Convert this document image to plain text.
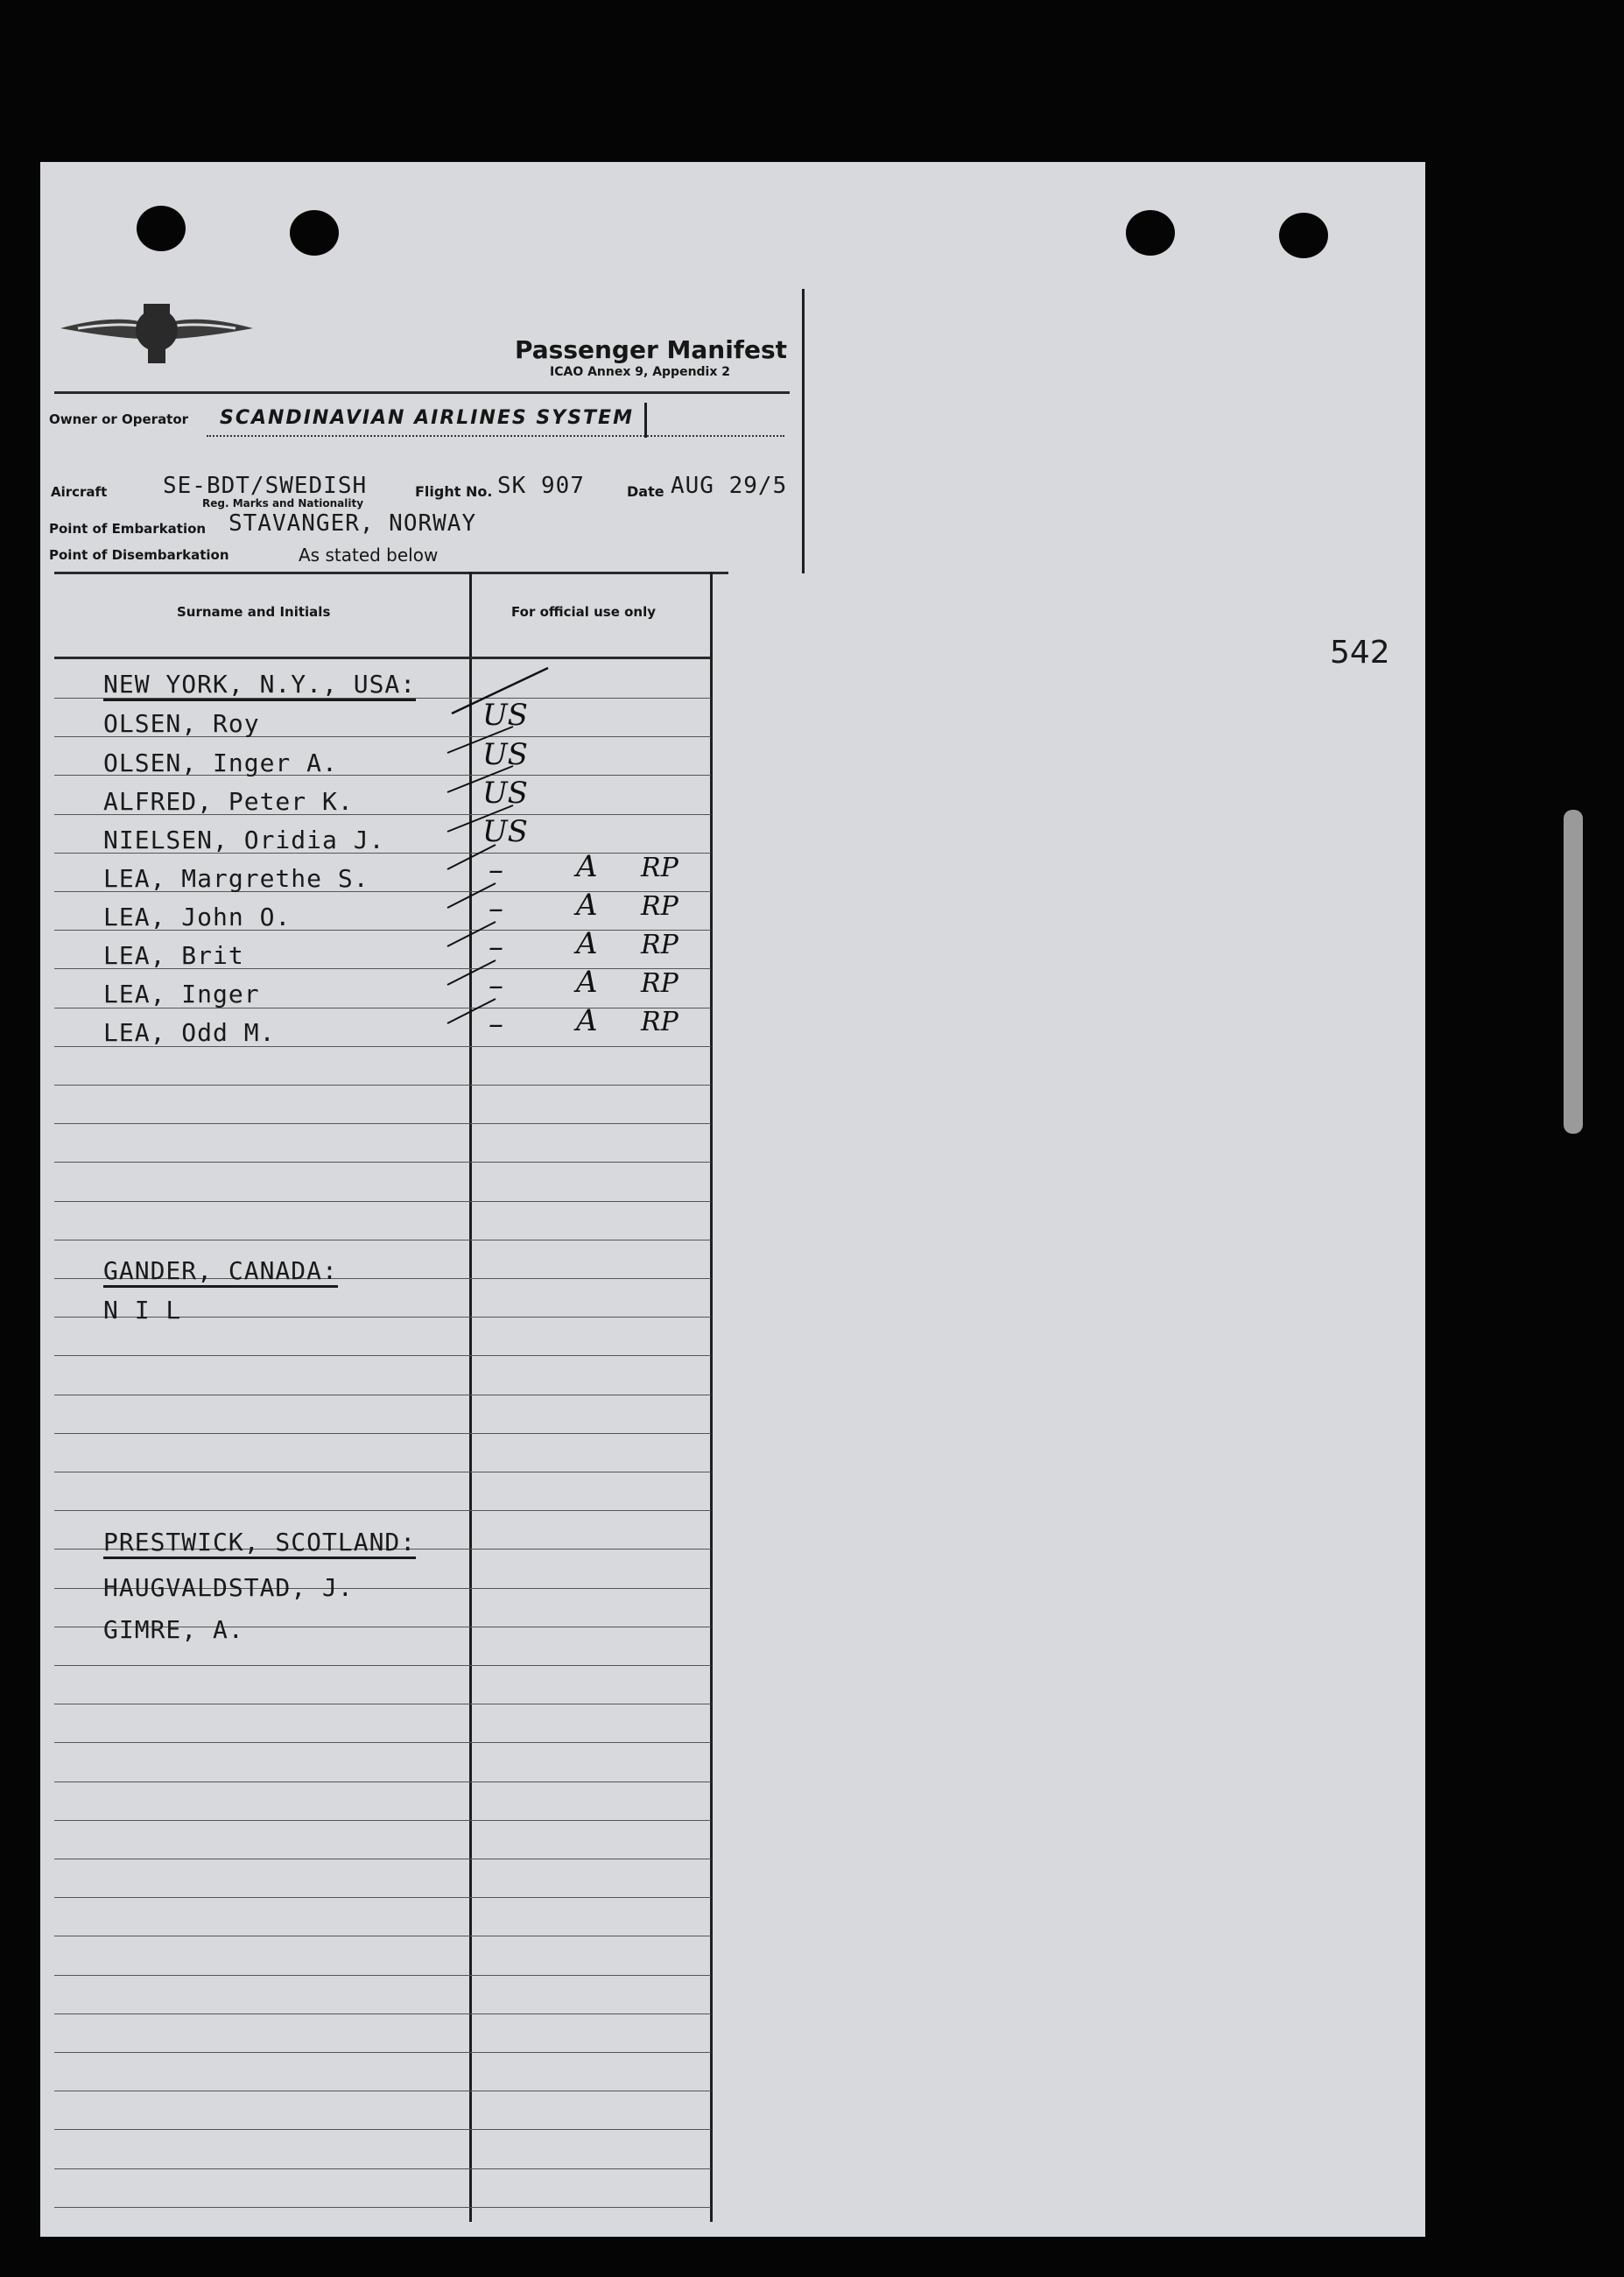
Passenger Manifest
ICAO Annex 9, Appendix 2
Owner or Operator SCANDINAVIAN AIRLINES SYSTEM
Aircraft SE-BDT/SWEDISH
Reg. Marks and Nationality
Flight No. SK 907	Date AUG 29/5
Point of Embarkation STAVANGER, NORWAY
Point of Disembarkation	As stated below
Surname and Initials	For official use only
NEW YORK, N.Y., USA:
OLSEN, Roy	US
OLSEN, Inger A.	US
ALFRED, Peter K.	US
NIELSEN, Oridia J.	US
LEA, Margrethe S.	– A RP
LEA, John O.	– A RP
LEA, Brit	– A RP
LEA, Inger	– A RP
LEA, Odd M.	– A RP
GANDER, CANADA:
N I L
PRESTWICK, SCOTLAND:
HAUGVALDSTAD, J.
GIMRE, A.
542
